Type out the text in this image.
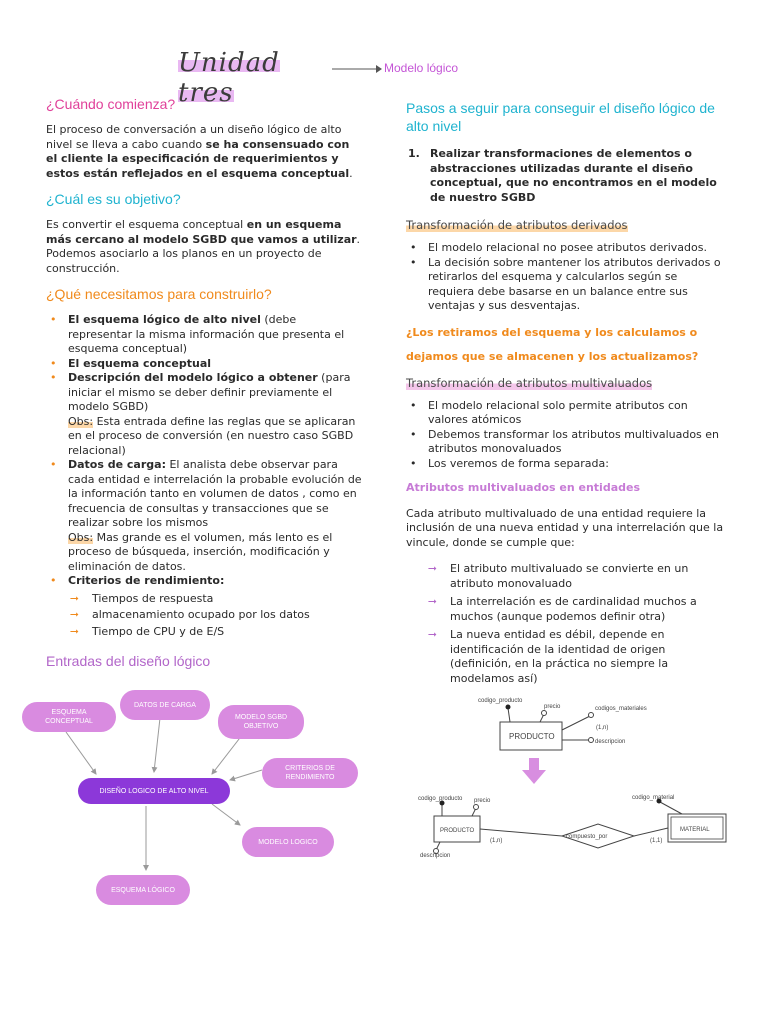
Unidad tres
Modelo lógico
¿Cuándo comienza?
El proceso de conversación a un diseño lógico de alto nivel se lleva a cabo cuando se ha consensuado con el cliente la especificación de requerimientos y estos están reflejados en el esquema conceptual.
¿Cuál es su objetivo?
Es convertir el esquema conceptual en un esquema más cercano al modelo SGBD que vamos a utilizar. Podemos asociarlo a los planos en un proyecto de construcción.
¿Qué necesitamos para construirlo?
• El esquema lógico de alto nivel (debe representar la misma información que presenta el esquema conceptual)
• El esquema conceptual
• Descripción del modelo lógico a obtener (para iniciar el mismo se deber definir previamente el modelo SGBD)
Obs: Esta entrada define las reglas que se aplicaran en el proceso de conversión (en nuestro caso SGBD relacional)
• Datos de carga: El analista debe observar para cada entidad e interrelación la probable evolución de la información tanto en volumen de datos , como en frecuencia de consultas y transacciones que se realizar sobre los mismos
Obs: Mas grande es el volumen, más lento es el proceso de búsqueda, inserción, modificación y eliminación de datos.
• Criterios de rendimiento:
⭢ Tiempos de respuesta
⭢ almacenamiento ocupado por los datos
⭢ Tiempo de CPU y de E/S
Entradas del diseño lógico
ESQUEMA CONCEPTUAL
DATOS DE CARGA
MODELO SGBD OBJETIVO
CRITERIOS DE RENDIMIENTO
DISEÑO LOGICO DE ALTO NIVEL
MODELO LOGICO
ESQUEMA LÓGICO
Pasos a seguir para conseguir el diseño lógico de alto nivel
1. Realizar transformaciones de elementos o abstracciones utilizadas durante el diseño conceptual, que no encontramos en el modelo de nuestro SGBD
Transformación de atributos derivados
• El modelo relacional no posee atributos derivados.
• La decisión sobre mantener los atributos derivados o retirarlos del esquema y calcularlos según se requiera debe basarse en un balance entre sus ventajas y sus desventajas.
¿Los retiramos del esquema y los calculamos o
dejamos que se almacenen y los actualizamos?
Transformación de atributos multivaluados
• El modelo relacional solo permite atributos con valores atómicos
• Debemos transformar los atributos multivaluados en atributos monovaluados
• Los veremos de forma separada:
Atributos multivaluados en entidades
Cada atributo multivaluado de una entidad requiere la inclusión de una nueva entidad y una interrelación que la vincule, donde se cumple que:
⭢ El atributo multivaluado se convierte en un atributo monovaluado
⭢ La interrelación es de cardinalidad muchos a muchos (aunque podemos definir otra)
⭢ La nueva entidad es débil, depende en identificación de la identidad de origen (definición, en la práctica no siempre la modelamos así)
PRODUCTO
codigo_producto
precio	codigos_materiales
(1,n)
descripcion
PRODUCTO	MATERIAL
compuesto_por
codigo_producto precio
descripcion
codigo_material
(1,n)	(1,1)
